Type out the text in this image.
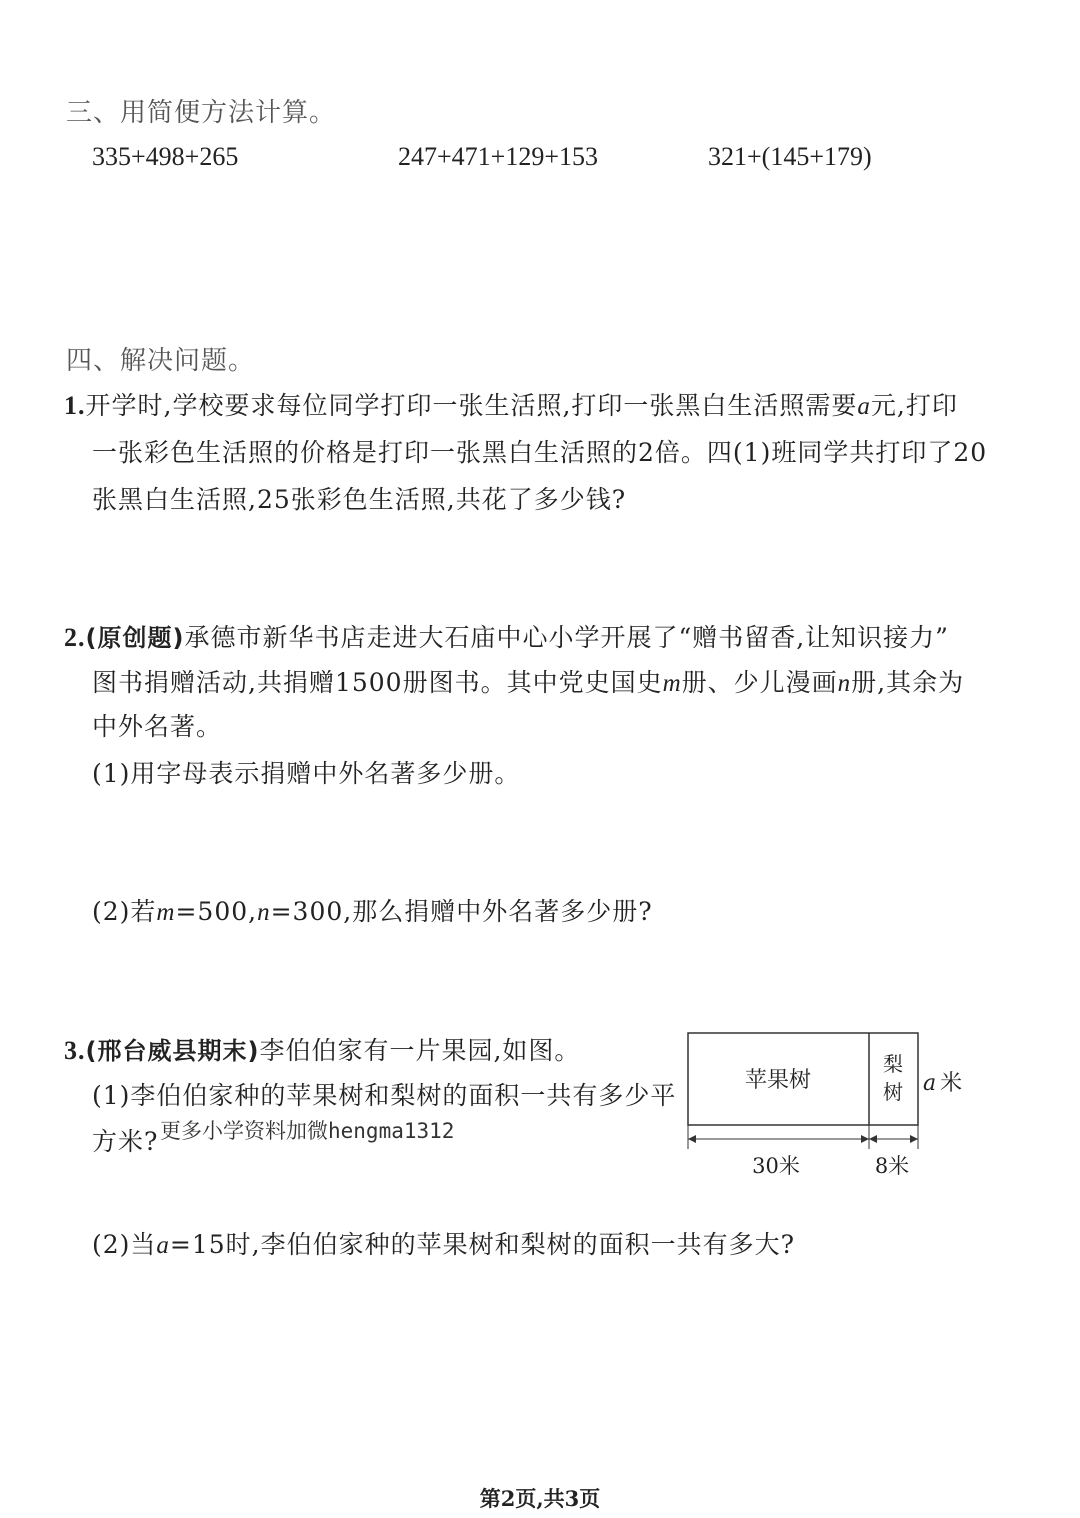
三、用简便方法计算。
335+498+265	247+471+129+153	321+(145+179)
四、解决问题。
1.开学时,学校要求每位同学打印一张生活照,打印一张黑白生活照需要a元,打印
一张彩色生活照的价格是打印一张黑白生活照的2倍。四(1)班同学共打印了20
张黑白生活照,25张彩色生活照,共花了多少钱?
2.(原创题)承德市新华书店走进大石庙中心小学开展了“赠书留香,让知识接力”
图书捐赠活动,共捐赠1500册图书。其中党史国史m册、少儿漫画n册,其余为
中外名著。
(1)用字母表示捐赠中外名著多少册。
(2)若m=500,n=300,那么捐赠中外名著多少册?
3.(邢台威县期末)李伯伯家有一片果园,如图。
(1)李伯伯家种的苹果树和梨树的面积一共有多少平
方米? 更多小学资料加微hengma1312
(2)当a=15时,李伯伯家种的苹果树和梨树的面积一共有多大?
苹果树
梨
树 a 米
30米	8米
第2页,共3页
